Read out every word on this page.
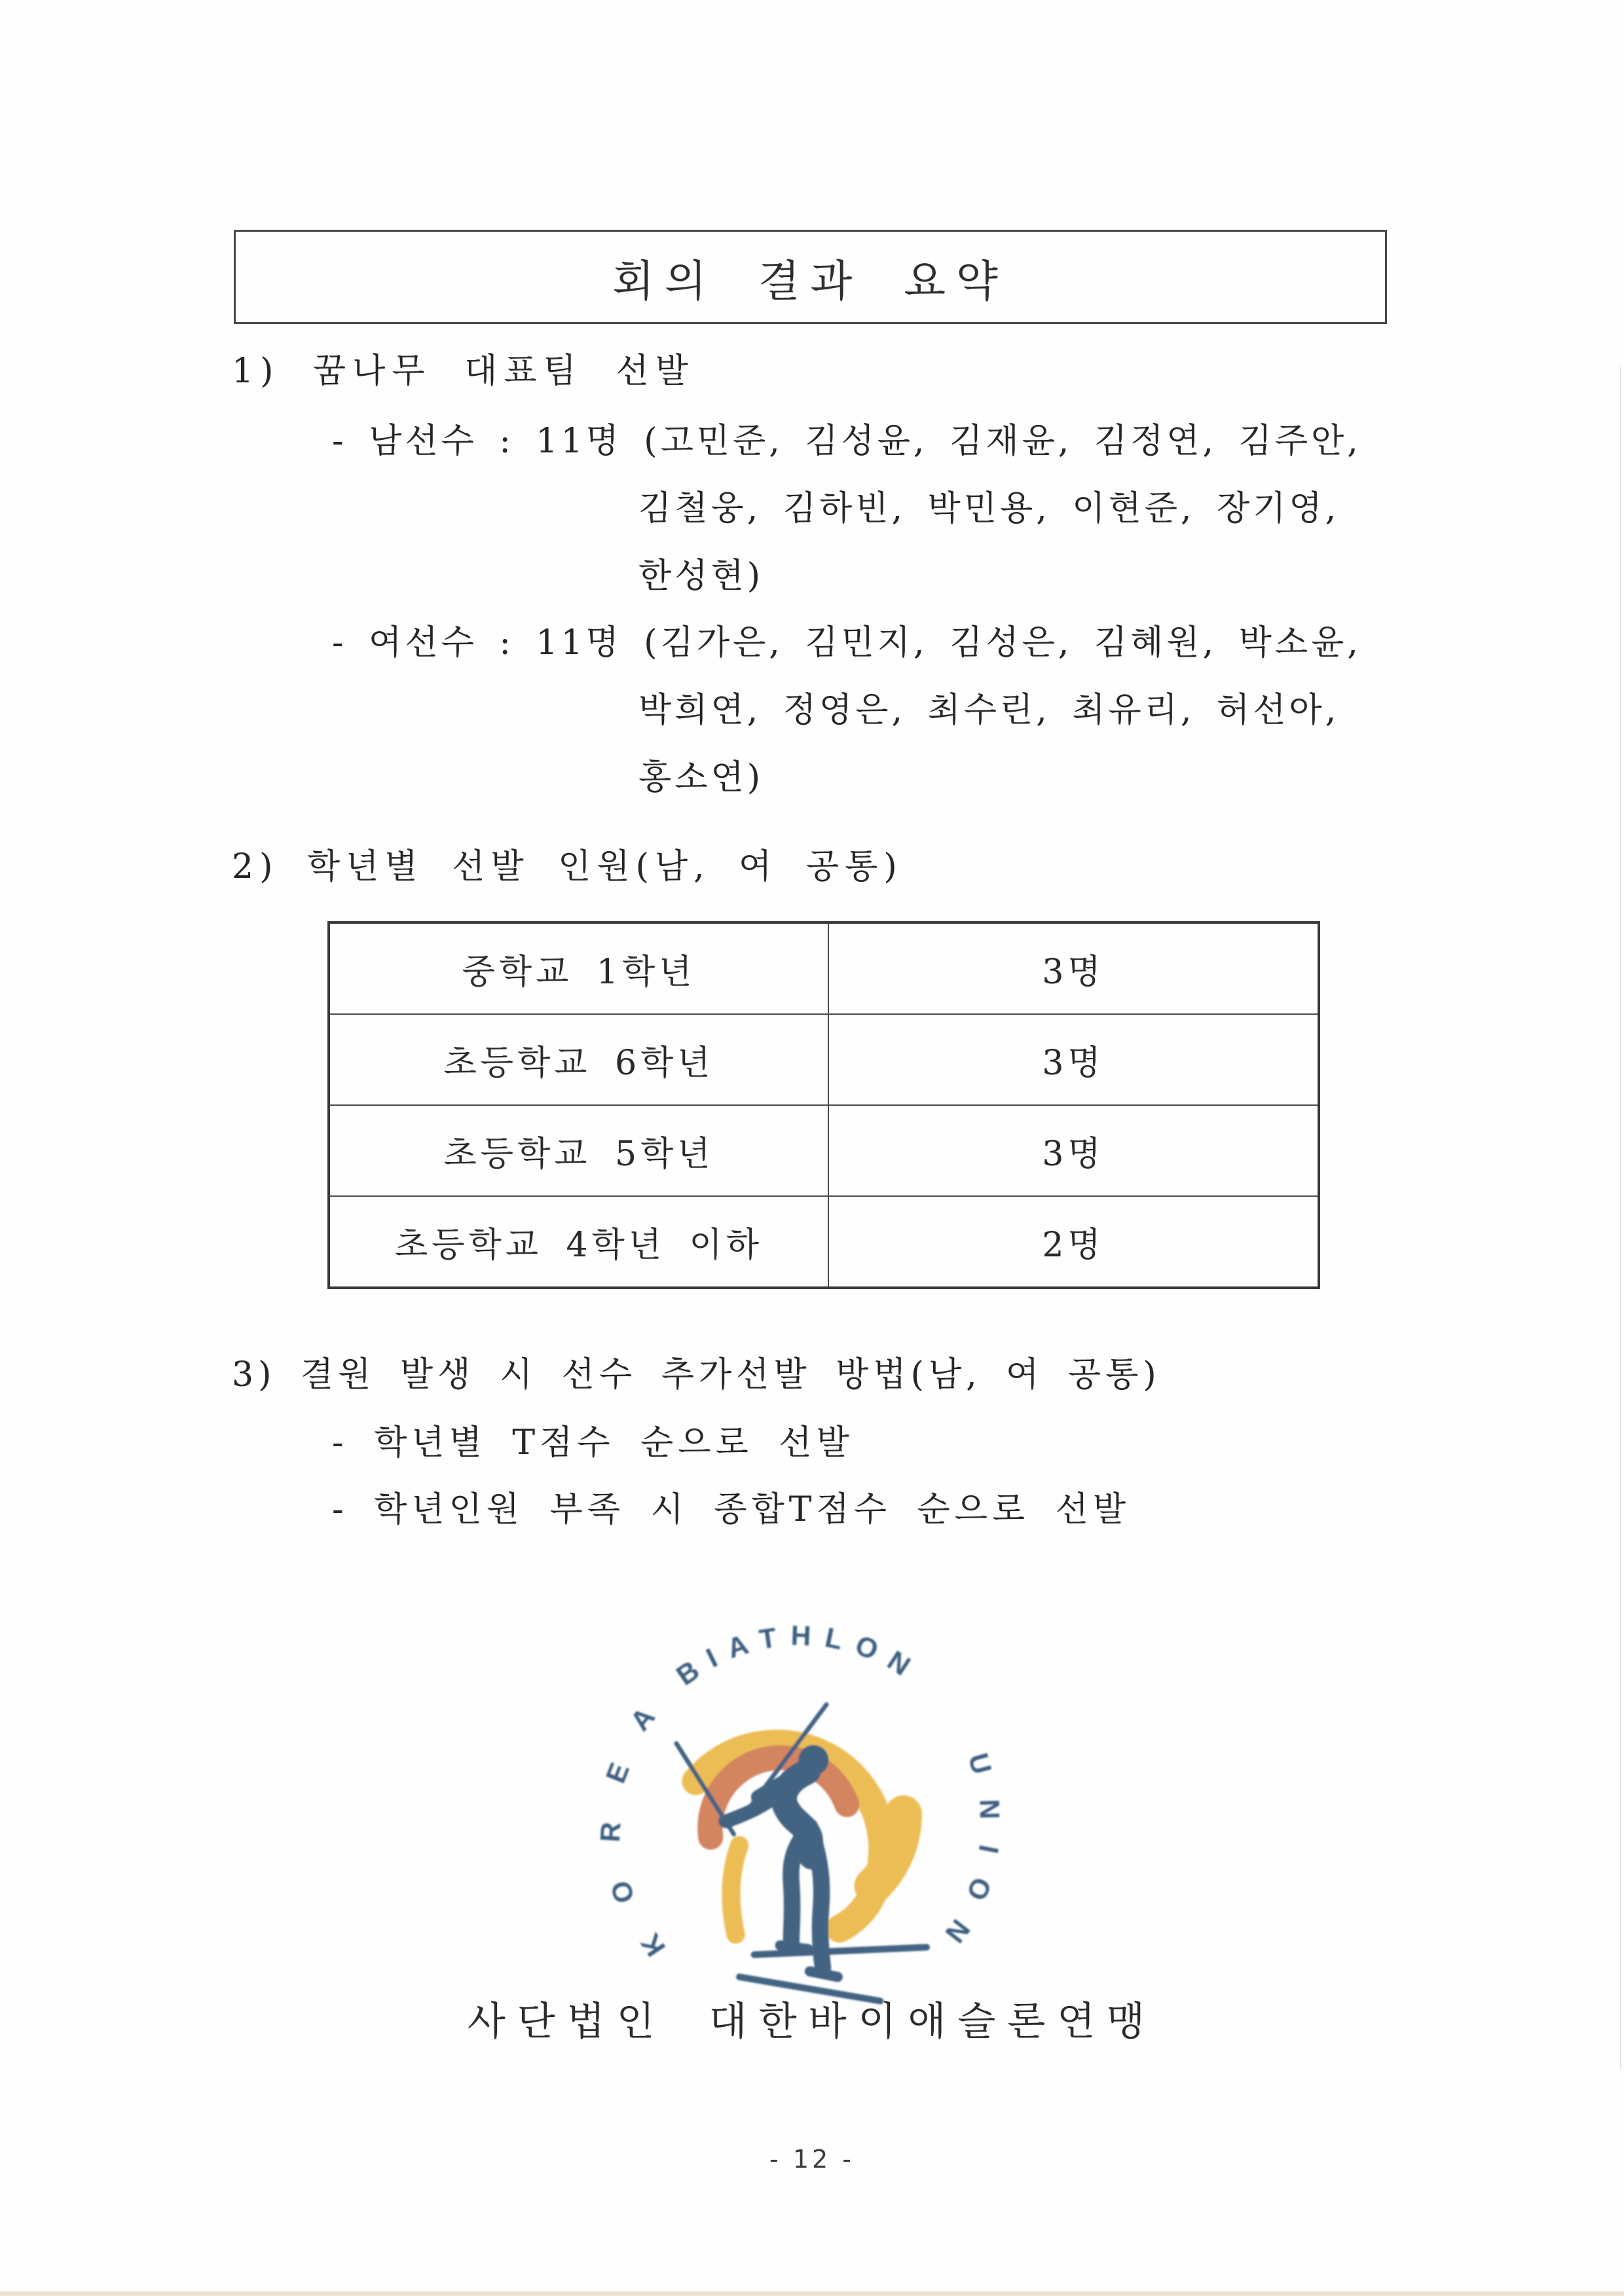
회의 결과 요약
1) 꿈나무 대표팀 선발
- 남선수 : 11명 (고민준, 김성윤, 김재윤, 김정연, 김주안,
김철웅, 김하빈, 박민용, 이현준, 장기영,
한성현)
- 여선수 : 11명 (김가은, 김민지, 김성은, 김혜원, 박소윤,
박희연, 정영은, 최수린, 최유리, 허선아,
홍소연)
2) 학년별 선발 인원(남, 여 공통)
중학교 1학년	3명
초등학교 6학년	3명
초등학교 5학년	3명
초등학교 4학년 이하	2명
3) 결원 발생 시 선수 추가선발 방법(남, 여 공통)
- 학년별 T점수 순으로 선발
- 학년인원 부족 시 종합T점수 순으로 선발
KOREA
BIATHLON
UNION
사단법인 대한바이애슬론연맹
- 12 -
